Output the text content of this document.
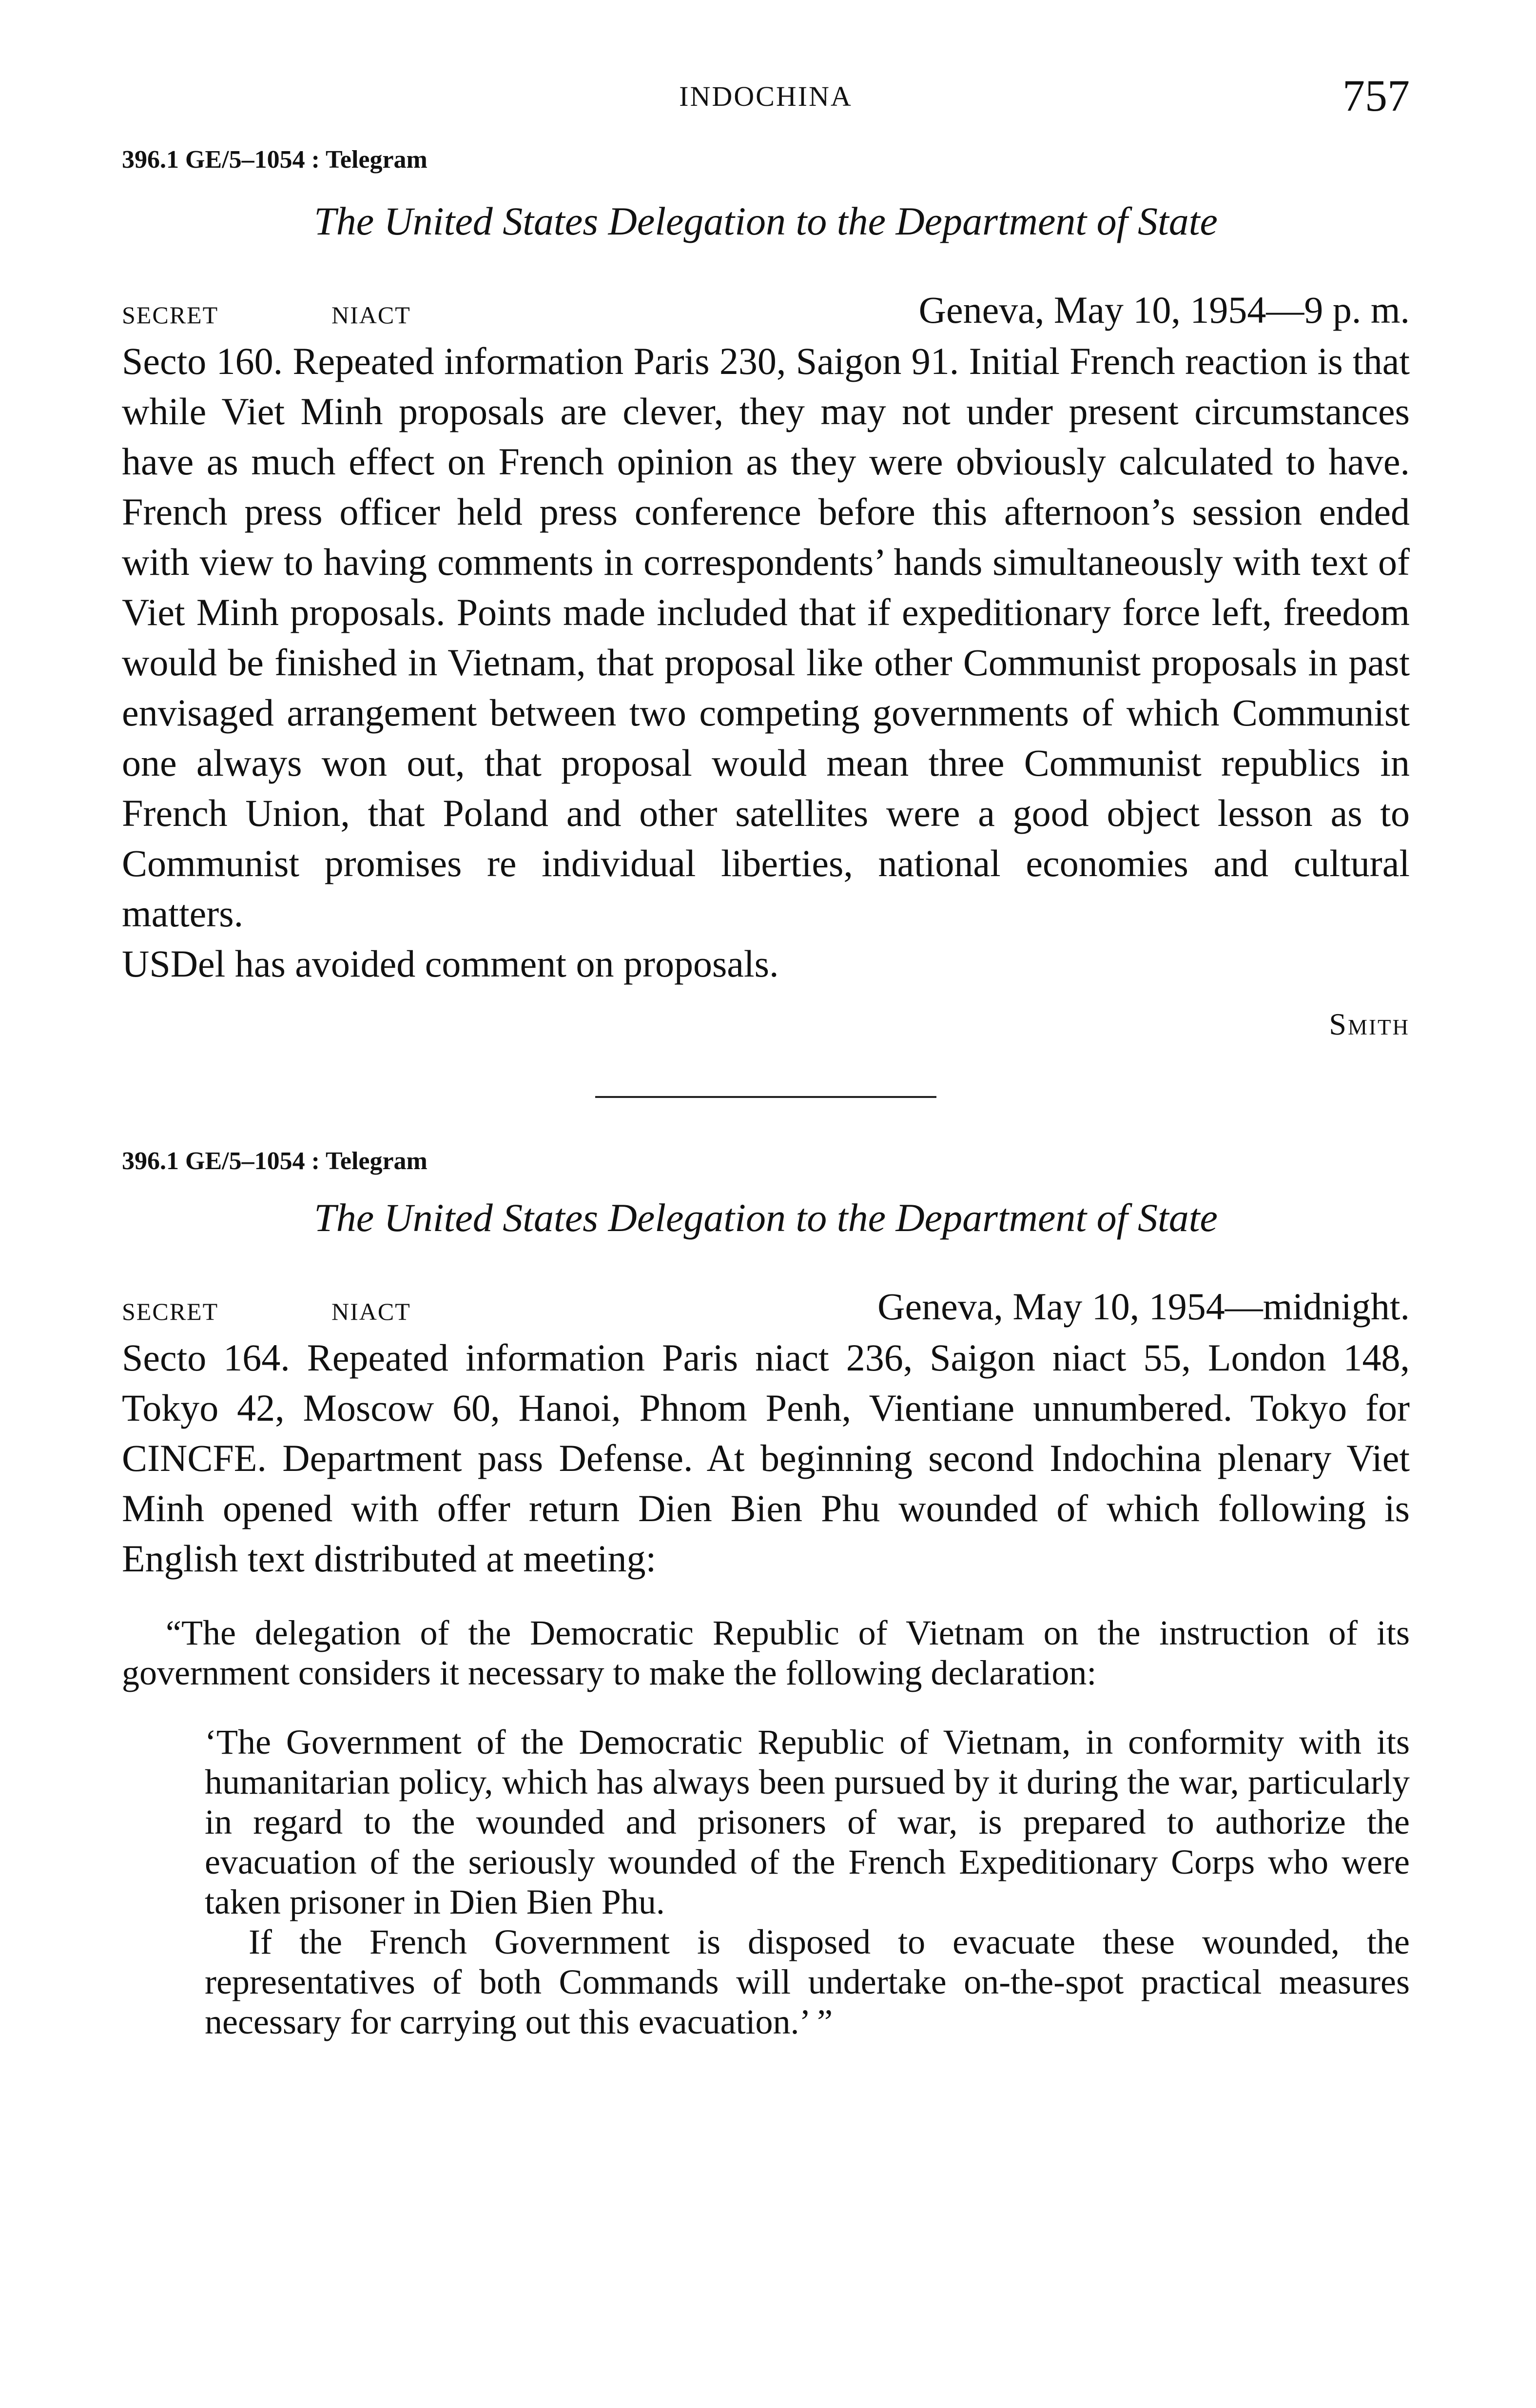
INDOCHINA	757
396.1 GE/5–1054 : Telegram
The United States Delegation to the Department of State
SECRET	NIACT	Geneva, May 10, 1954—9 p. m.

Secto 160. Repeated information Paris 230, Saigon 91. Initial French reaction is that while Viet Minh proposals are clever, they may not under present circumstances have as much effect on French opinion as they were obviously calculated to have. French press officer held press conference before this afternoon’s session ended with view to having comments in correspondents’ hands simultaneously with text of Viet Minh proposals. Points made included that if expeditionary force left, freedom would be finished in Vietnam, that proposal like other Communist proposals in past envisaged arrangement between two competing governments of which Communist one always won out, that proposal would mean three Communist republics in French Union, that Poland and other satellites were a good object lesson as to Communist promises re individual liberties, national economies and cultural matters.

USDel has avoided comment on proposals.

Smith
396.1 GE/5–1054 : Telegram
The United States Delegation to the Department of State
SECRET	NIACT	Geneva, May 10, 1954—midnight.

Secto 164. Repeated information Paris niact 236, Saigon niact 55, London 148, Tokyo 42, Moscow 60, Hanoi, Phnom Penh, Vientiane unnumbered. Tokyo for CINCFE. Department pass Defense. At beginning second Indochina plenary Viet Minh opened with offer return Dien Bien Phu wounded of which following is English text distributed at meeting:

“The delegation of the Democratic Republic of Vietnam on the instruction of its government considers it necessary to make the following declaration:

‘The Government of the Democratic Republic of Vietnam, in conformity with its humanitarian policy, which has always been pursued by it during the war, particularly in regard to the wounded and prisoners of war, is prepared to authorize the evacuation of the seriously wounded of the French Expeditionary Corps who were taken prisoner in Dien Bien Phu.

If the French Government is disposed to evacuate these wounded, the representatives of both Commands will undertake on-the-spot practical measures necessary for carrying out this evacuation.’ ”
